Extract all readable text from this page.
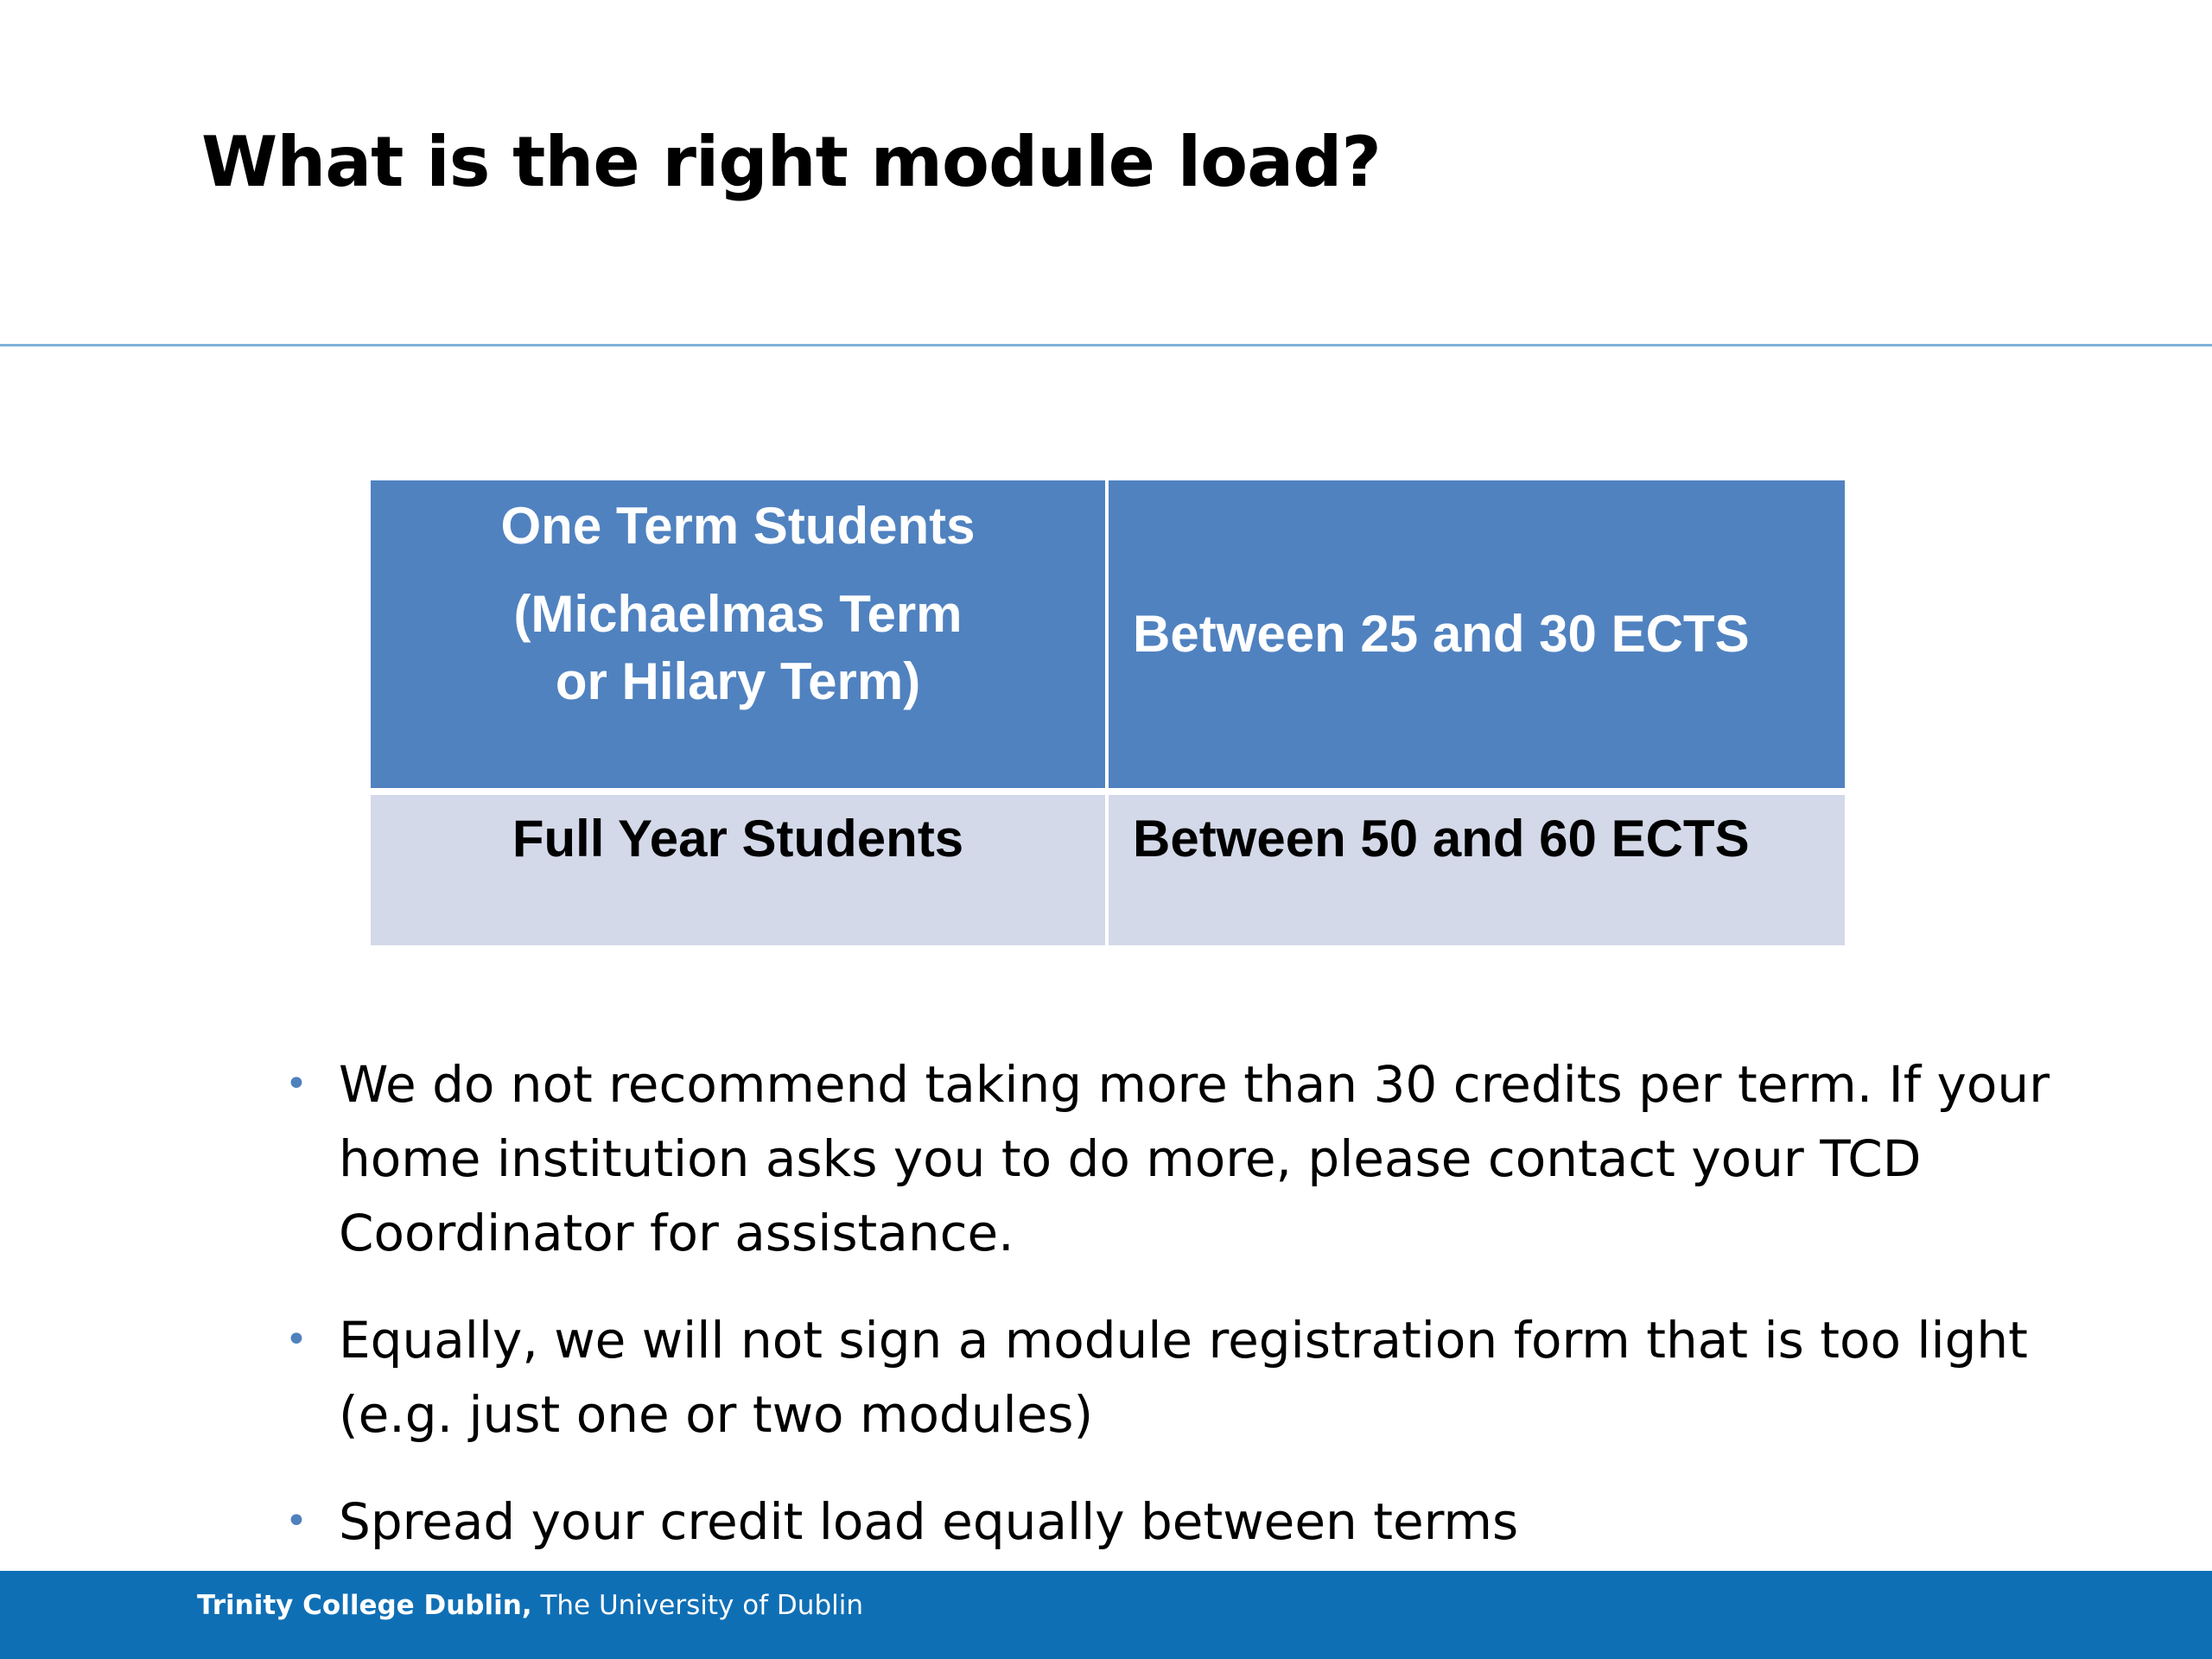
What is the right module load?
One Term Students
(Michaelmas Term
or Hilary Term)
Between 25 and 30 ECTS
Full Year Students	Between 50 and 60 ECTS
• We do not recommend taking more than 30 credits per term. If your home institution asks you to do more, please contact your TCD Coordinator for assistance.
• Equally, we will not sign a module registration form that is too light (e.g. just one or two modules)
• Spread your credit load equally between terms
Trinity College Dublin, The University of Dublin
